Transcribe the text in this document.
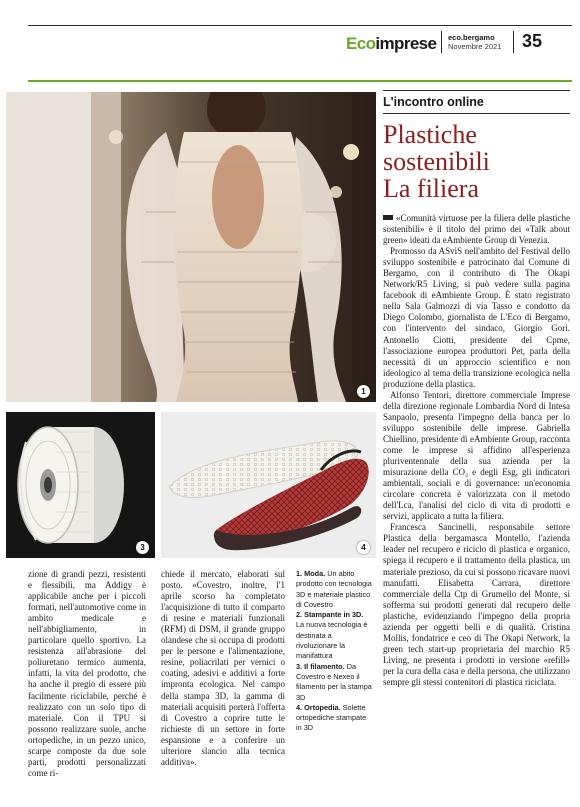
Ecoimprese eco.bergamo
Novembre 2021 35
1
3	4
L'incontro online
Plastiche
sostenibili
La filiera

«Comunità virtuose per la filiera delle plastiche sostenibili» è il titolo del primo dei «Talk about green» ideati da eAmbiente Group di Venezia.

Promosso da ASviS nell'ambito del Festival dello sviluppo sostenibile e patrocinato dal Comune di Bergamo, con il contributo di The Okapi Network/R5 Living, si può vedere sulla pagina facebook di eAmbiente Group. È stato registrato nella Sala Galmozzi di via Tasso e condotto da Diego Colombo, giornalista de L'Eco di Bergamo, con l'intervento del sindaco, Giorgio Gori. Antonello Ciotti, presidente del Cpme, l'associazione europea produttori Pet, parla della necessità di un approccio scientifico e non ideologico al tema della transizione ecologica nella produzione della plastica.

Alfonso Tentori, direttore commerciale Imprese della direzione regionale Lombardia Nord di Intesa Sanpaolo, presenta l'impegno della banca per lo sviluppo sostenibile delle imprese. Gabriella Chiellino, presidente di eAmbiente Group, racconta come le imprese si affidino all'esperienza pluriventennale della sua azienda per la misurazione della CO₂ e degli Esg, gli indicatori ambientali, sociali e di governance: un'economia circolare concreta è valorizzata con il metodo dell'Lca, l'analisi del ciclo di vita di prodotti e servizi, applicato a tutta la filiera.

Francesca Sancinelli, responsabile settore Plastica della bergamasca Montello, l'azienda leader nel recupero e riciclo di plastica e organico, spiega il recupero e il trattamento della plastica, un materiale prezioso, da cui si possono ricavare nuovi manufatti. Elisabetta Carrara, direttore commerciale della Ctp di Grumello del Monte, si sofferma sui prodotti generati dal recupero delle plastiche, evidenziando l'impegno della propria azienda per oggetti belli e di qualità. Cristina Mollis, fondatrice e ceo di The Okapi Network, la green tech start-up proprietaria del marchio R5 Living, ne presenta i prodotti in versione «refill» per la cura della casa e della persona, che utilizzano sempre gli stessi contenitori di plastica riciclata.

zione di grandi pezzi, resistenti e flessibili, ma Addigy è applicabile anche per i piccoli formati, nell'automotive come in ambito medicale e nell'abbigliamento, in particolare quello sportivo. La resistenza all'abrasione del poliuretano termico aumenta, infatti, la vita del prodotto, che ha anche il pregio di essere più facilmente riciclabile, perché è realizzato con un solo tipo di materiale. Con il TPU si possono realizzare suole, anche ortopediche, in un pezzo unico, scarpe composte da due sole parti, prodotti personalizzati come ri-
chiede il mercato, elaborati sul posto. «Covestro, inoltre, l'1 aprile scorso ha completato l'acquisizione di tutto il comparto di resine e materiali funzionali (RFM) di DSM, il grande gruppo olandese che si occupa di prodotti per le persone e l'alimentazione, resine, poliacrilati per vernici o coating, adesivi e additivi a forte impronta ecologica. Nel campo della stampa 3D, la gamma di materiali acquisiti porterà l'offerta di Covestro a coprire tutte le richieste di un settore in forte espansione e a conferire un ulteriore slancio alla tecnica additiva».
1. Moda. Un abito prodotto con tecnologia 3D e materiale plastico di Covestro
2. Stampante in 3D. La nuova tecnologia è destinata a rivoluzionare la manifattura
3. Il filamento. Da Covestro e Nexeo il filamento per la stampa 3D
4. Ortopedia. Solette ortopediche stampate in 3D
